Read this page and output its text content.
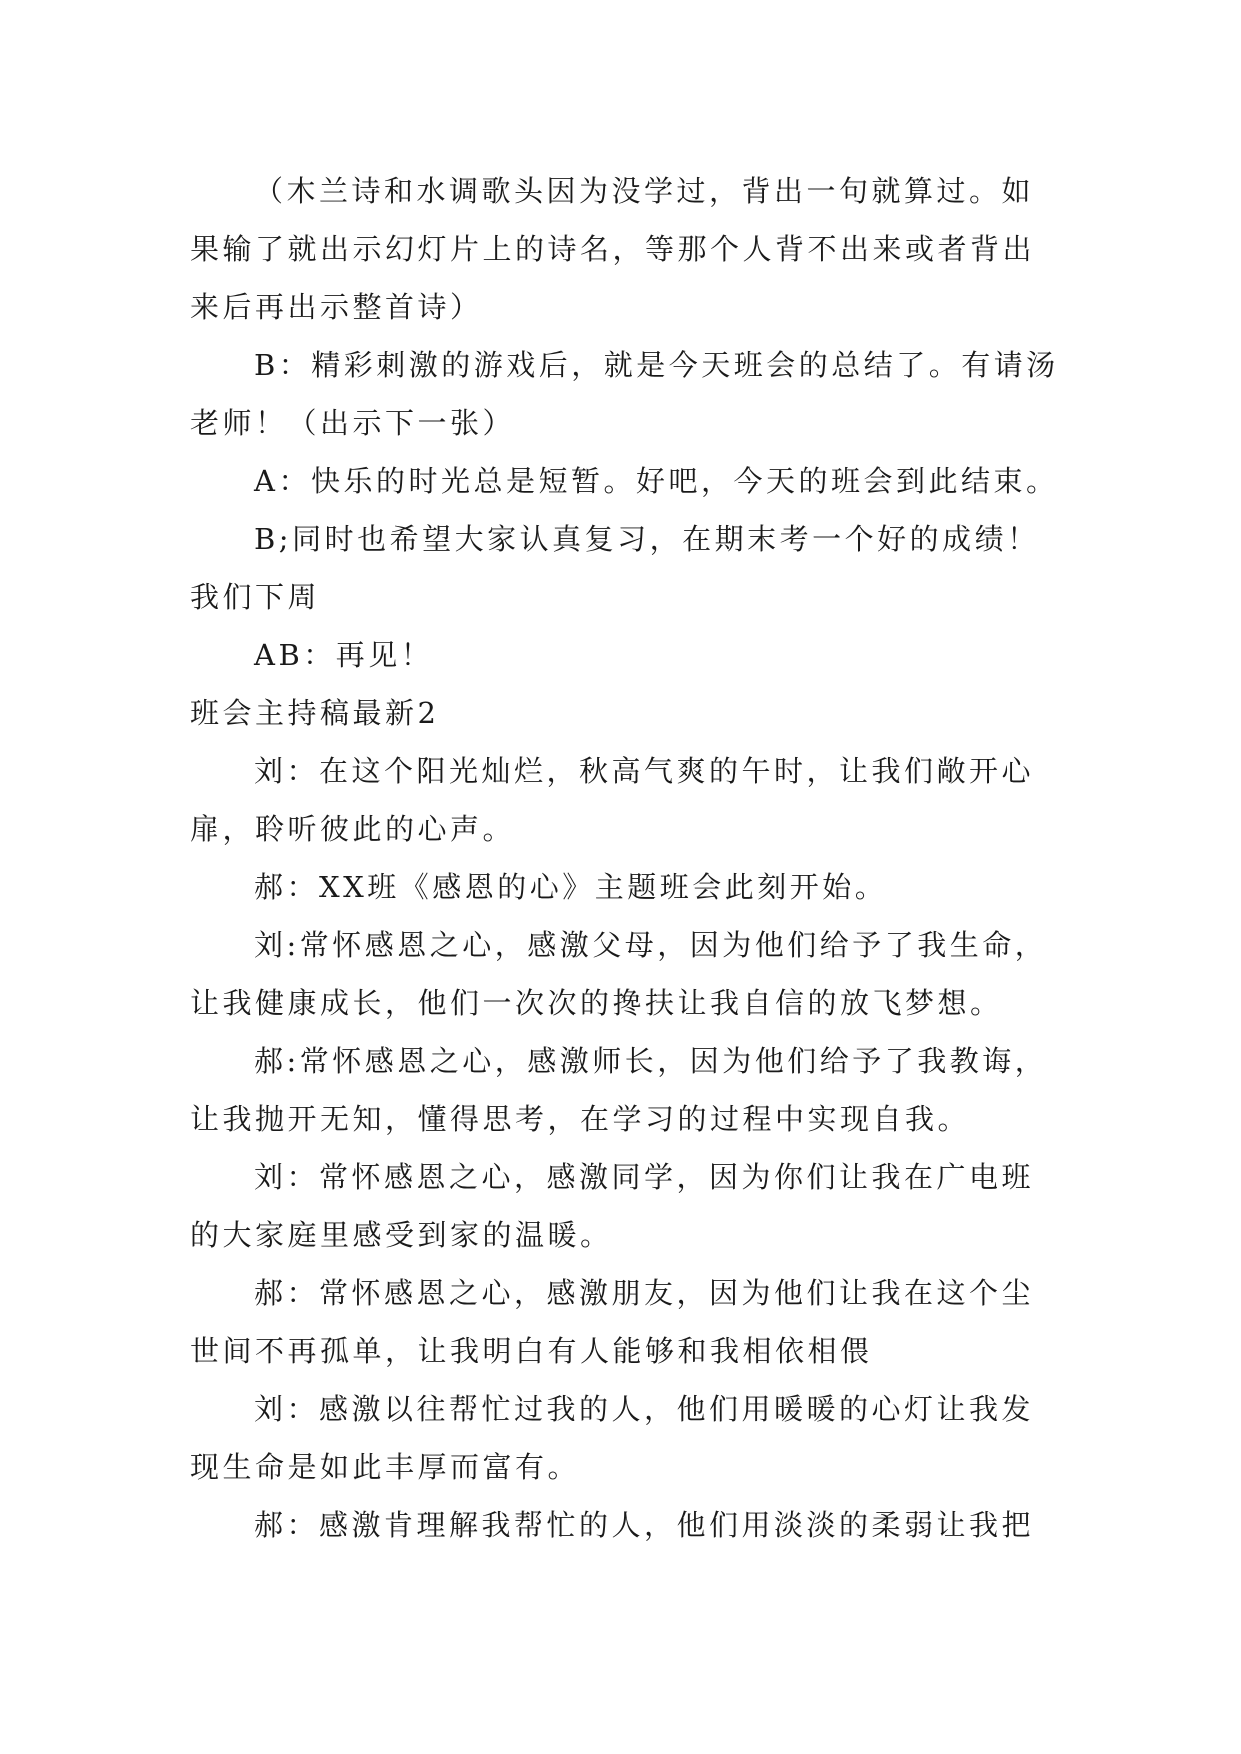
（木兰诗和水调歌头因为没学过，背出一句就算过。如果输了就出示幻灯片上的诗名，等那个人背不出来或者背出来后再出示整首诗）

B：精彩刺激的游戏后，就是今天班会的总结了。有请汤老师！（出示下一张）

A：快乐的时光总是短暂。好吧，今天的班会到此结束。

B;同时也希望大家认真复习，在期末考一个好的成绩！我们下周

AB：再见！

班会主持稿最新2

刘：在这个阳光灿烂，秋高气爽的午时，让我们敞开心扉，聆听彼此的心声。

郝：XX班《感恩的心》主题班会此刻开始。

刘:常怀感恩之心，感激父母，因为他们给予了我生命，让我健康成长，他们一次次的搀扶让我自信的放飞梦想。

郝:常怀感恩之心，感激师长，因为他们给予了我教诲，让我抛开无知，懂得思考，在学习的过程中实现自我。

刘：常怀感恩之心，感激同学，因为你们让我在广电班的大家庭里感受到家的温暖。

郝：常怀感恩之心，感激朋友，因为他们让我在这个尘世间不再孤单，让我明白有人能够和我相依相偎

刘：感激以往帮忙过我的人，他们用暖暖的心灯让我发现生命是如此丰厚而富有。

郝：感激肯理解我帮忙的人，他们用淡淡的柔弱让我把
